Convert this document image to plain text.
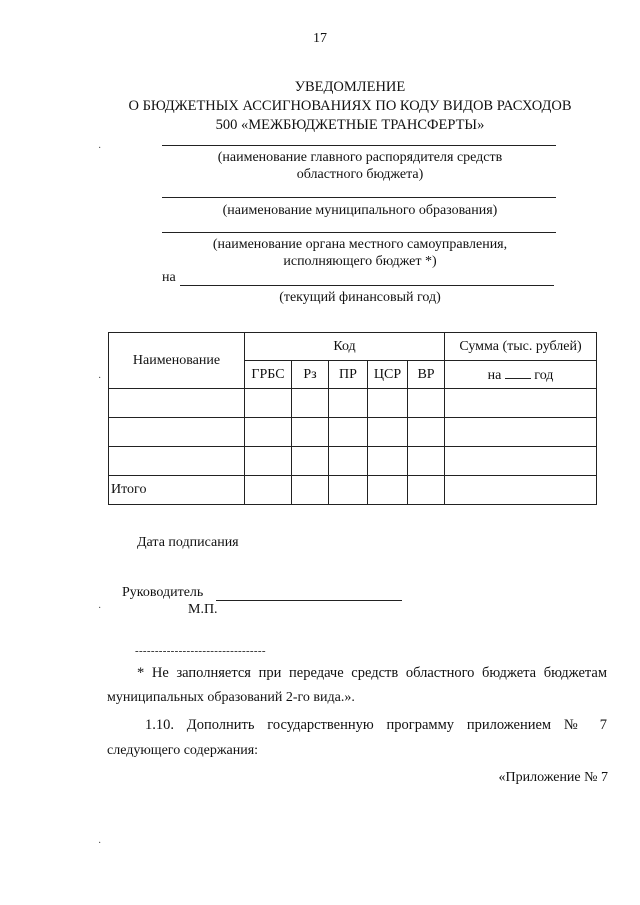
17
УВЕДОМЛЕНИЕ
О БЮДЖЕТНЫХ АССИГНОВАНИЯХ ПО КОДУ ВИДОВ РАСХОДОВ
500 «МЕЖБЮДЖЕТНЫЕ ТРАНСФЕРТЫ»
(наименование главного распорядителя средств
областного бюджета)
(наименование муниципального образования)
(наименование органа местного самоуправления,
исполняющего бюджет *)
на
(текущий финансовый год)
·
·
·
·
Наименование	Код					Сумма (тыс. рублей)
	ГРБС	Рз	ПР	ЦСР	ВР	на год

Итого						
Дата подписания
Руководитель
М.П.
---------------------------------
* Не заполняется при передаче средств областного бюджета бюджетам
муниципальных образований 2-го вида.».
1.10. Дополнить государственную программу приложением № 7
следующего содержания:
«Приложение № 7
